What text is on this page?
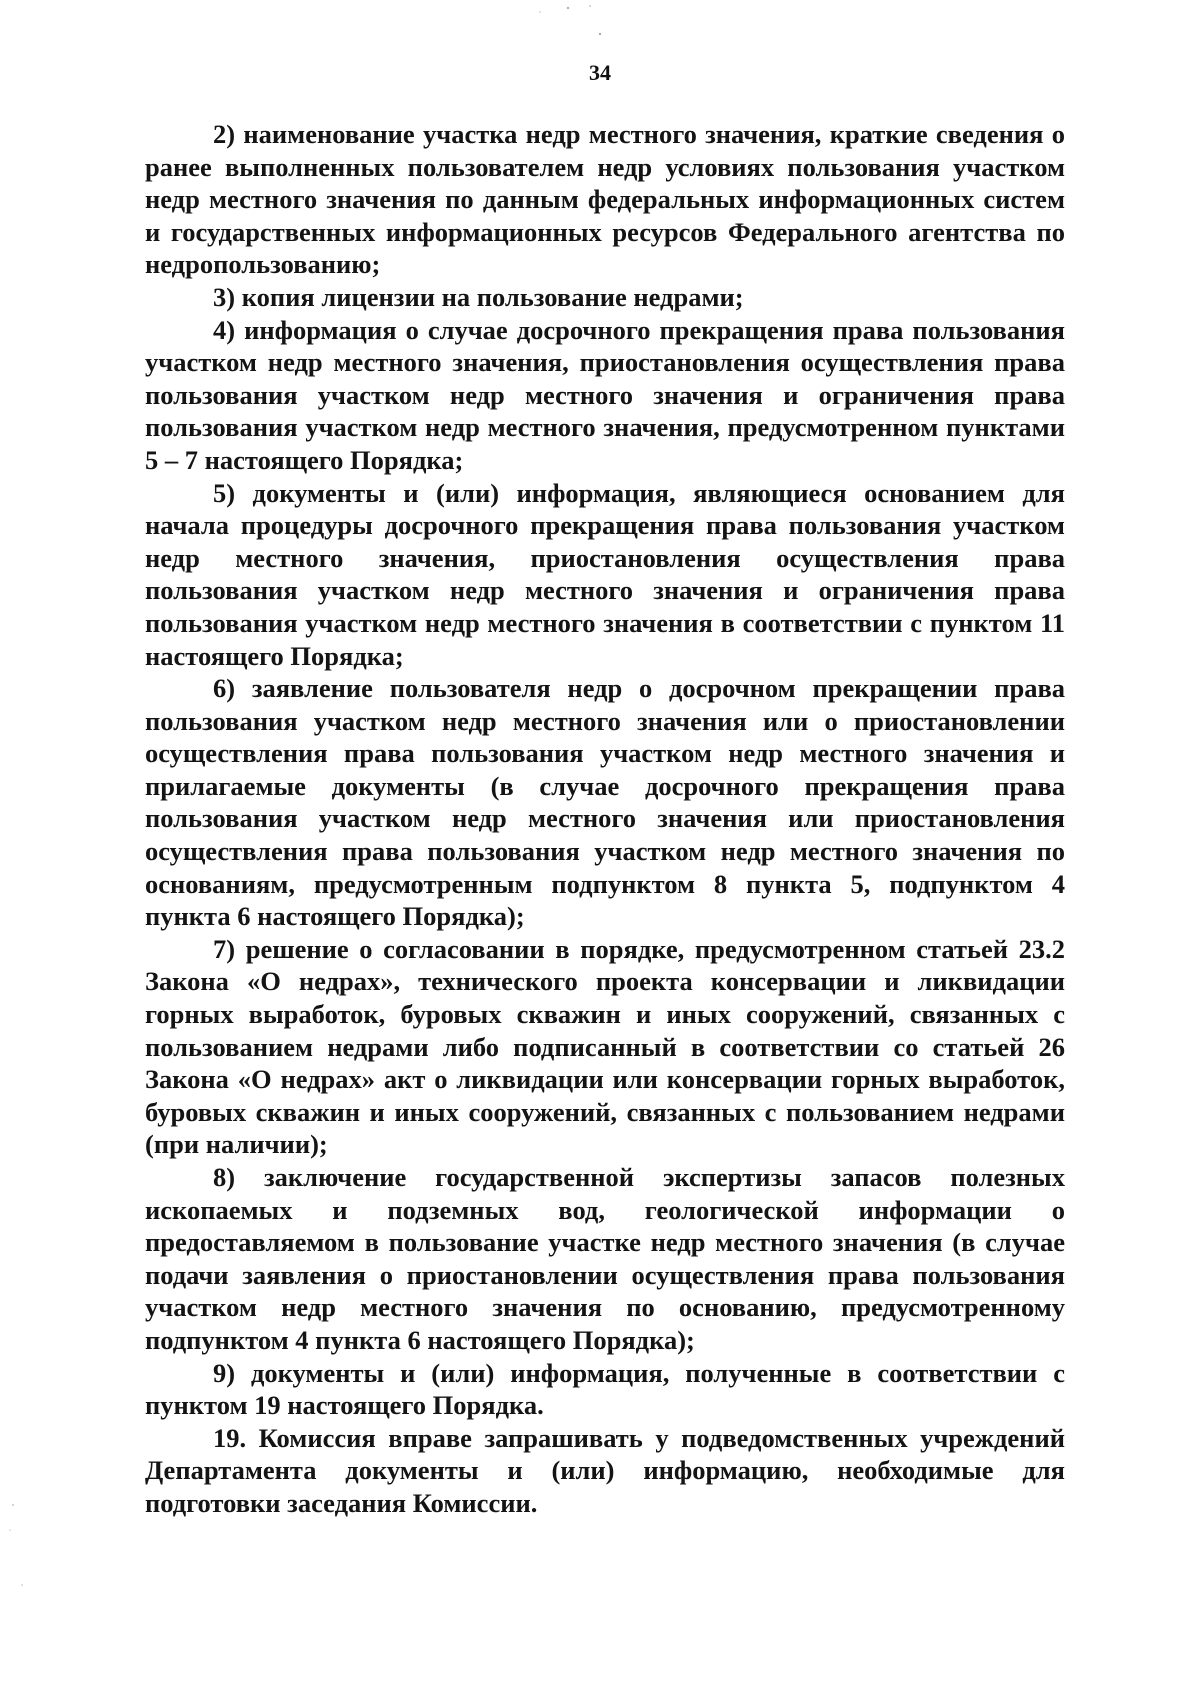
34

2) наименование участка недр местного значения, краткие сведения о ранее выполненных пользователем недр условиях пользования участком недр местного значения по данным федеральных информационных систем и государственных информационных ресурсов Федерального агентства по недропользованию;

3) копия лицензии на пользование недрами;

4) информация о случае досрочного прекращения права пользования участком недр местного значения, приостановления осуществления права пользования участком недр местного значения и ограничения права пользования участком недр местного значения, предусмотренном пунктами 5 – 7 настоящего Порядка;

5) документы и (или) информация, являющиеся основанием для начала процедуры досрочного прекращения права пользования участком недр местного значения, приостановления осуществления права пользования участком недр местного значения и ограничения права пользования участком недр местного значения в соответствии с пунктом 11 настоящего Порядка;

6) заявление пользователя недр о досрочном прекращении права пользования участком недр местного значения или о приостановлении осуществления права пользования участком недр местного значения и прилагаемые документы (в случае досрочного прекращения права пользования участком недр местного значения или приостановления осуществления права пользования участком недр местного значения по основаниям, предусмотренным подпунктом 8 пункта 5, подпунктом 4 пункта 6 настоящего Порядка);

7) решение о согласовании в порядке, предусмотренном статьей 23.2 Закона «О недрах», технического проекта консервации и ликвидации горных выработок, буровых скважин и иных сооружений, связанных с пользованием недрами либо подписанный в соответствии со статьей 26 Закона «О недрах» акт о ликвидации или консервации горных выработок, буровых скважин и иных сооружений, связанных с пользованием недрами (при наличии);

8) заключение государственной экспертизы запасов полезных ископаемых и подземных вод, геологической информации о предоставляемом в пользование участке недр местного значения (в случае подачи заявления о приостановлении осуществления права пользования участком недр местного значения по основанию, предусмотренному подпунктом 4 пункта 6 настоящего Порядка);

9) документы и (или) информация, полученные в соответствии с пунктом 19 настоящего Порядка.

19. Комиссия вправе запрашивать у подведомственных учреждений Департамента документы и (или) информацию, необходимые для подготовки заседания Комиссии.
